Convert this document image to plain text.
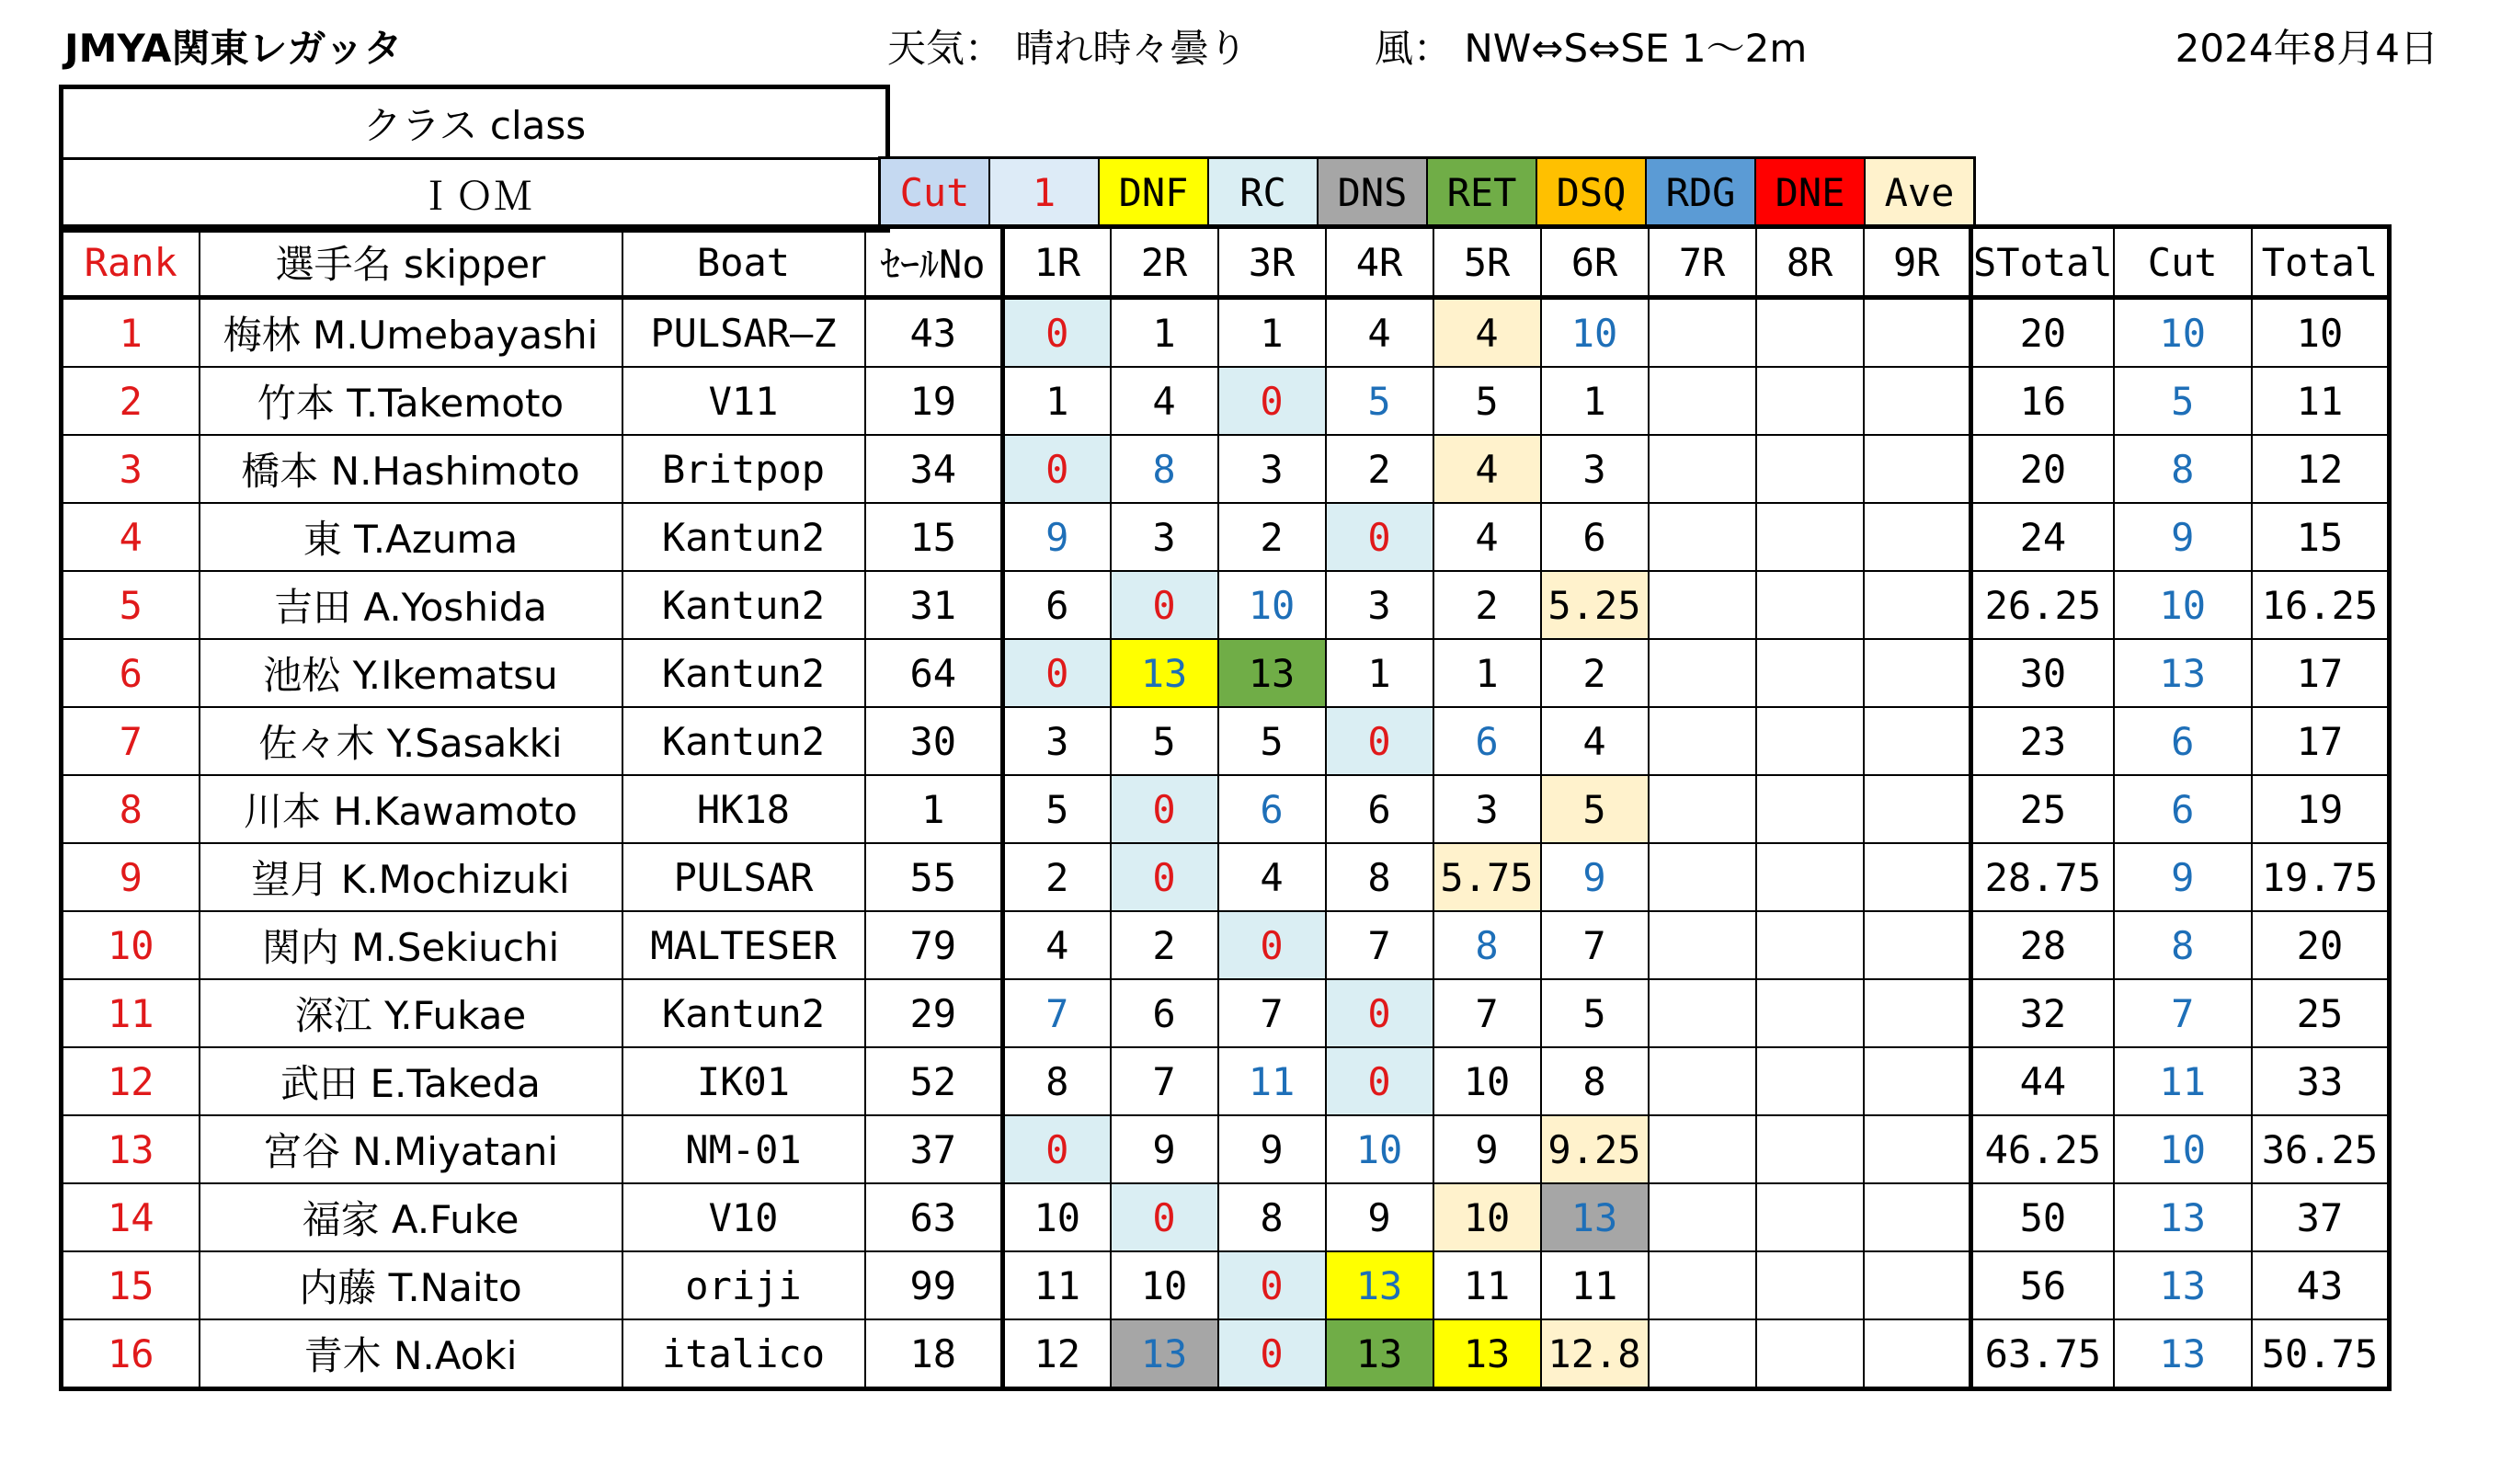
JMYA関東レガッタ	天気： 晴れ時々曇り	風： NW⇔S⇔SE 1～2m	2024年8月4日
クラス class
ＩＯＭ	Cut	1	DNF	RC	DNS	RET	DSQ	RDG	DNE	Ave
Rank	選手名 skipper	Boat	ｾｰﾙNo	1R	2R	3R	4R	5R	6R	7R	8R	9R	STotal	Cut	Total
1	梅林 M.Umebayashi	PULSAR—Z	43	0	1	1	4	4	10				20	10	10
2	竹本 T.Takemoto	V11	19	1	4	0	5	5	1				16	5	11
3	橋本 N.Hashimoto	Britpop	34	0	8	3	2	4	3				20	8	12
4	東 T.Azuma	Kantun2	15	9	3	2	0	4	6				24	9	15
5	吉田 A.Yoshida	Kantun2	31	6	0	10	3	2	5.25				26.25	10	16.25
6	池松 Y.Ikematsu	Kantun2	64	0	13	13	1	1	2				30	13	17
7	佐々木 Y.Sasakki	Kantun2	30	3	5	5	0	6	4				23	6	17
8	川本 H.Kawamoto	HK18	1	5	0	6	6	3	5				25	6	19
9	望月 K.Mochizuki	PULSAR	55	2	0	4	8	5.75	9				28.75	9	19.75
10	関内 M.Sekiuchi	MALTESER	79	4	2	0	7	8	7				28	8	20
11	深江 Y.Fukae	Kantun2	29	7	6	7	0	7	5				32	7	25
12	武田 E.Takeda	IK01	52	8	7	11	0	10	8				44	11	33
13	宮谷 N.Miyatani	NM-01	37	0	9	9	10	9	9.25				46.25	10	36.25
14	福家 A.Fuke	V10	63	10	0	8	9	10	13				50	13	37
15	内藤 T.Naito	oriji	99	11	10	0	13	11	11				56	13	43
16	青木 N.Aoki	italico	18	12	13	0	13	13	12.8				63.75	13	50.75
